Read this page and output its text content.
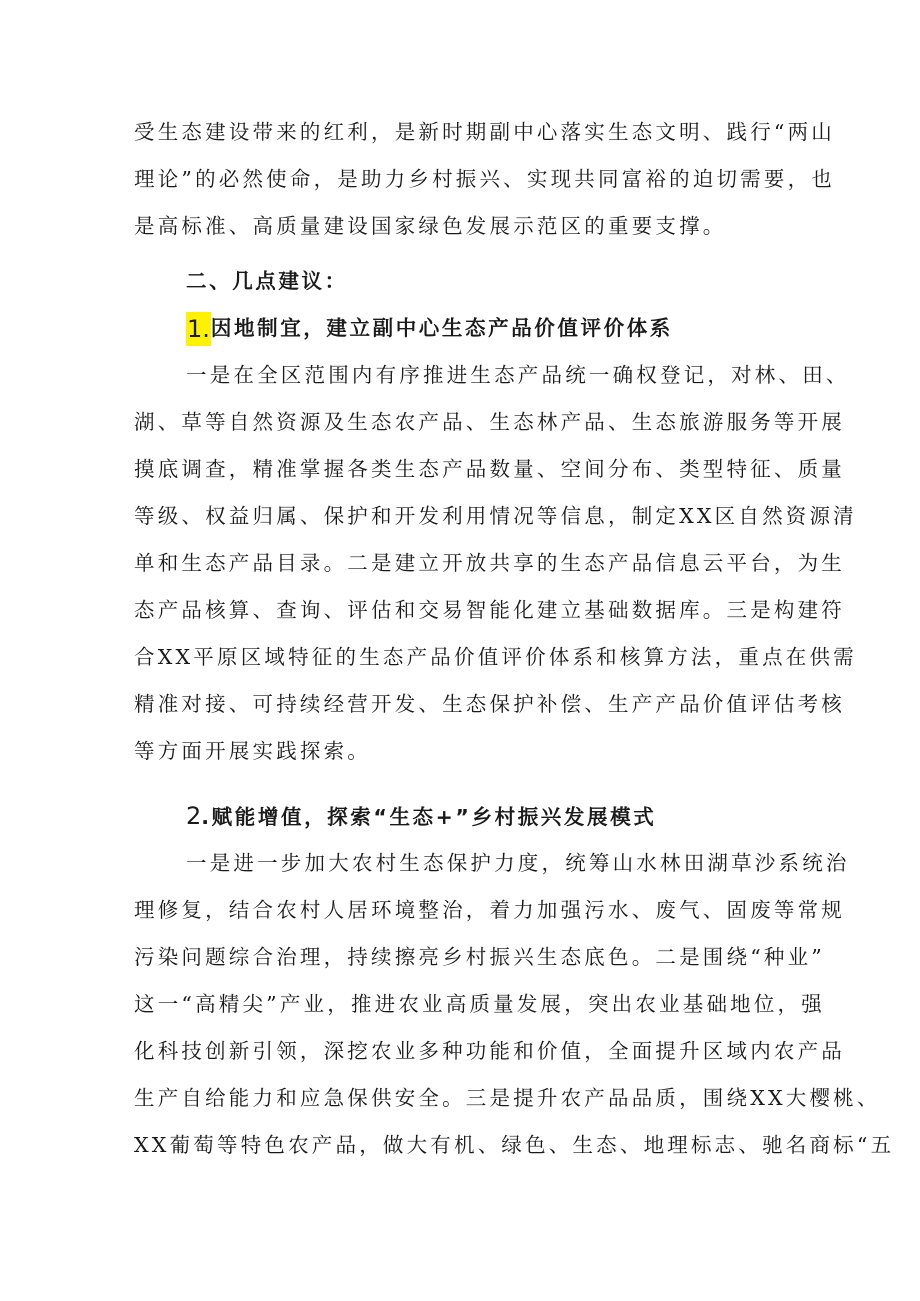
受生态建设带来的红利，是新时期副中心落实生态文明、践行“两山
理论”的必然使命，是助力乡村振兴、实现共同富裕的迫切需要，也
是高标准、高质量建设国家绿色发展示范区的重要支撑。
二、几点建议：
1.因地制宜，建立副中心生态产品价值评价体系
一是在全区范围内有序推进生态产品统一确权登记，对林、田、
湖、草等自然资源及生态农产品、生态林产品、生态旅游服务等开展
摸底调查，精准掌握各类生态产品数量、空间分布、类型特征、质量
等级、权益归属、保护和开发利用情况等信息，制定XX区自然资源清
单和生态产品目录。二是建立开放共享的生态产品信息云平台，为生
态产品核算、查询、评估和交易智能化建立基础数据库。三是构建符
合XX平原区域特征的生态产品价值评价体系和核算方法，重点在供需
精准对接、可持续经营开发、生态保护补偿、生产产品价值评估考核
等方面开展实践探索。
2.赋能增值，探索“生态+”乡村振兴发展模式
一是进一步加大农村生态保护力度，统筹山水林田湖草沙系统治
理修复，结合农村人居环境整治，着力加强污水、废气、固废等常规
污染问题综合治理，持续擦亮乡村振兴生态底色。二是围绕“种业”
这一“高精尖”产业，推进农业高质量发展，突出农业基础地位，强
化科技创新引领，深挖农业多种功能和价值，全面提升区域内农产品
生产自给能力和应急保供安全。三是提升农产品品质，围绕XX大樱桃、
XX葡萄等特色农产品，做大有机、绿色、生态、地理标志、驰名商标“五
